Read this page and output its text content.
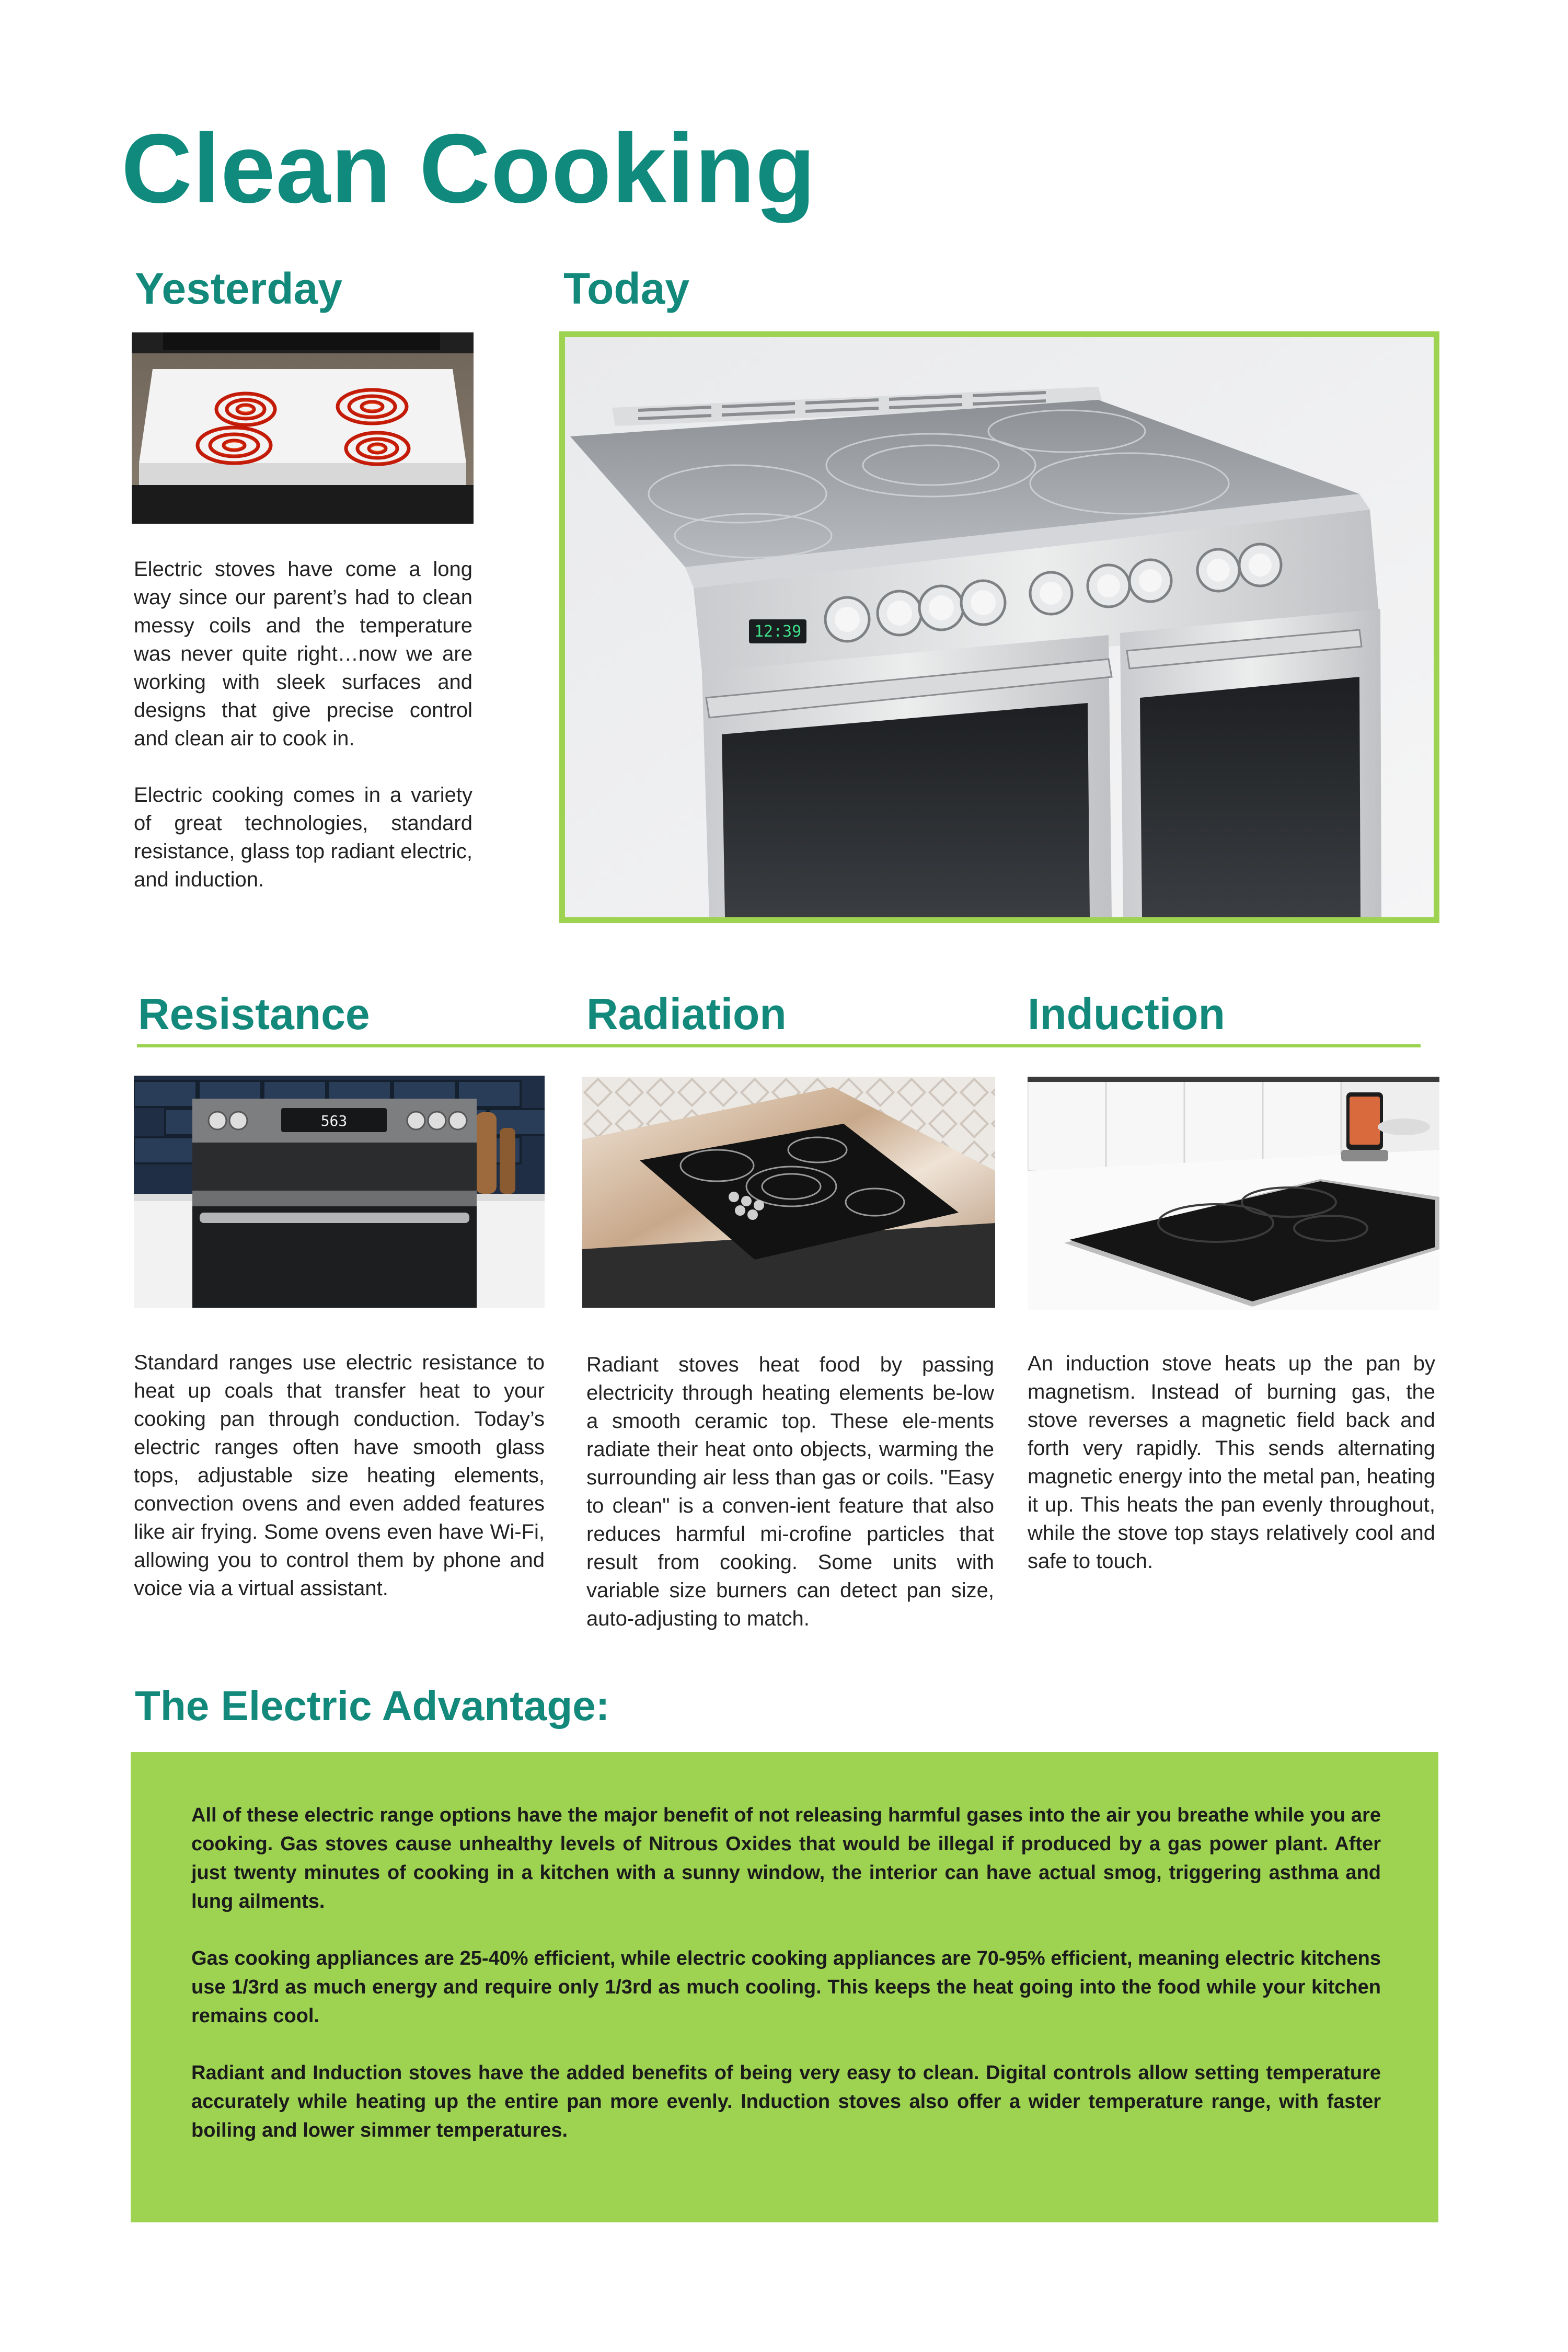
Clean Cooking
Yesterday

Electric stoves have come a long way since our parent’s had to clean messy coils and the temperature was never quite right…now we are working with sleek surfaces and designs that give precise control and clean air to cook in.

Electric cooking comes in a variety of great technologies, standard resistance, glass top radiant electric, and induction.

Today
12:39
Resistance	Radiation	Induction
563

Standard ranges use electric resistance to heat up coals that transfer heat to your cooking pan through conduction. Today’s electric ranges often have smooth glass tops, adjustable size heating elements, convection ovens and even added features like air frying. Some ovens even have Wi-Fi, allowing you to control them by phone and voice via a virtual assistant.

Radiant stoves heat food by passing electricity through heating elements be-low a smooth ceramic top. These ele-ments radiate their heat onto objects, warming the surrounding air less than gas or coils. "Easy to clean" is a conven-ient feature that also reduces harmful mi-crofine particles that result from cooking. Some units with variable size burners can detect pan size, auto-adjusting to match.

An induction stove heats up the pan by magnetism. Instead of burning gas, the stove reverses a magnetic field back and forth very rapidly. This sends alternating magnetic energy into the metal pan, heating it up. This heats the pan evenly throughout, while the stove top stays relatively cool and safe to touch.

The Electric Advantage:

All of these electric range options have the major benefit of not releasing harmful gases into the air you breathe while you are cooking. Gas stoves cause unhealthy levels of Nitrous Oxides that would be illegal if produced by a gas power plant. After just twenty minutes of cooking in a kitchen with a sunny window, the interior can have actual smog, triggering asthma and lung ailments.

Gas cooking appliances are 25-40% efficient, while electric cooking appliances are 70-95% efficient, meaning electric kitchens use 1/3rd as much energy and require only 1/3rd as much cooling. This keeps the heat going into the food while your kitchen remains cool.

Radiant and Induction stoves have the added benefits of being very easy to clean. Digital controls allow setting temperature accurately while heating up the entire pan more evenly. Induction stoves also offer a wider temperature range, with faster boiling and lower simmer temperatures.
